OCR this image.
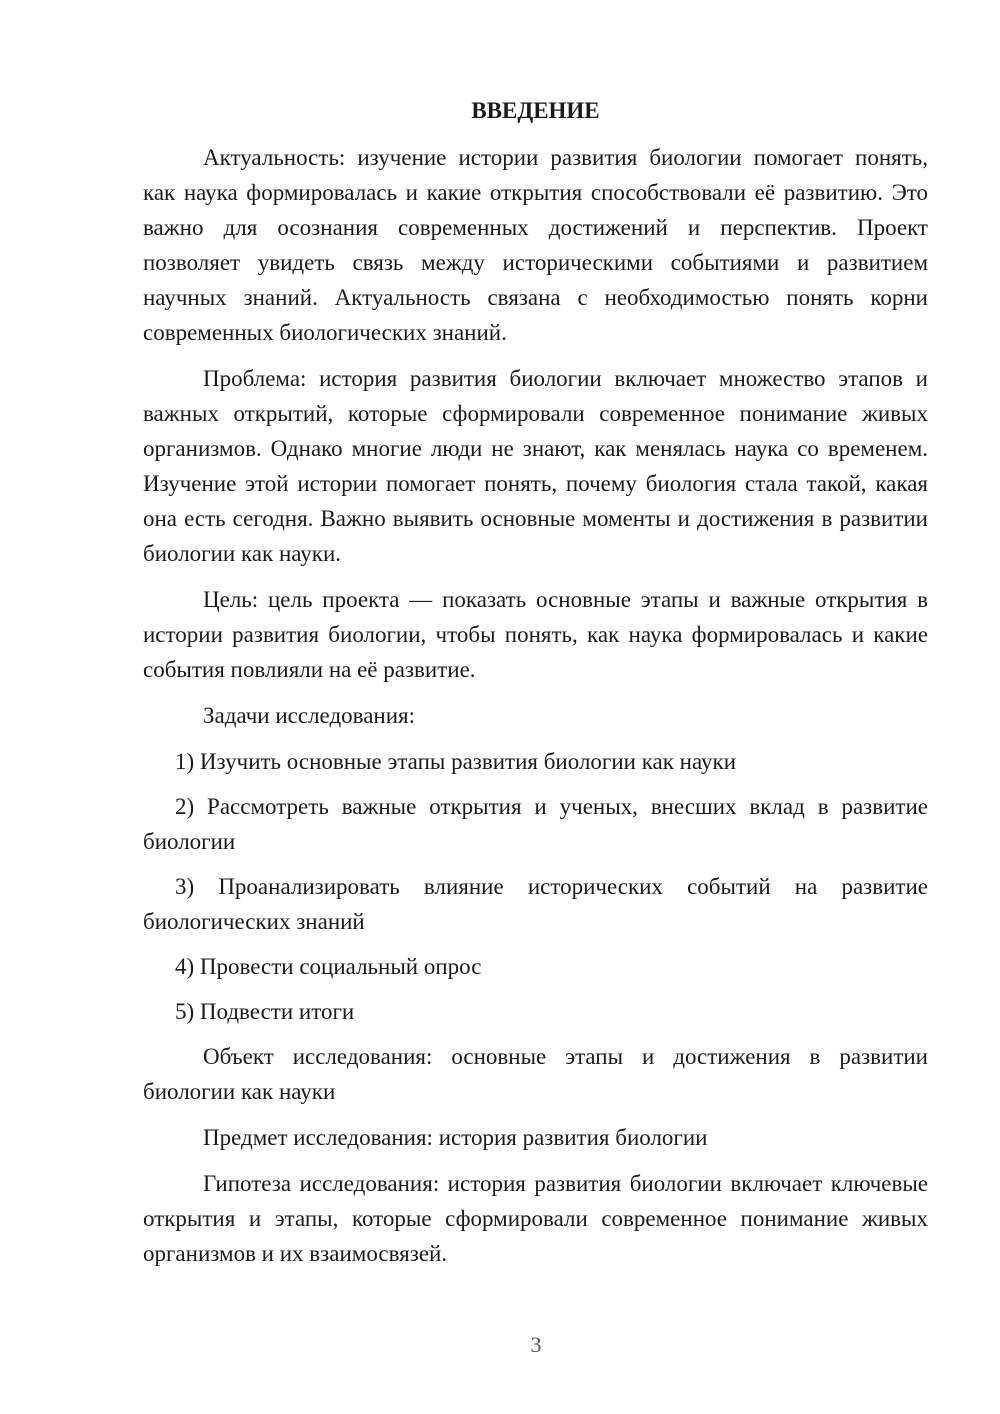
ВВЕДЕНИЕ

Актуальность: изучение истории развития биологии помогает понять, как наука формировалась и какие открытия способствовали её развитию. Это важно для осознания современных достижений и перспектив. Проект позволяет увидеть связь между историческими событиями и развитием научных знаний. Актуальность связана с необходимостью понять корни современных биологических знаний.

Проблема: история развития биологии включает множество этапов и важных открытий, которые сформировали современное понимание живых организмов. Однако многие люди не знают, как менялась наука со временем. Изучение этой истории помогает понять, почему биология стала такой, какая она есть сегодня. Важно выявить основные моменты и достижения в развитии биологии как науки.

Цель: цель проекта — показать основные этапы и важные открытия в истории развития биологии, чтобы понять, как наука формировалась и какие события повлияли на её развитие.

Задачи исследования:

1) Изучить основные этапы развития биологии как науки

2) Рассмотреть важные открытия и ученых, внесших вклад в развитие биологии

3) Проанализировать влияние исторических событий на развитие биологических знаний

4) Провести социальный опрос

5) Подвести итоги

Объект исследования: основные этапы и достижения в развитии биологии как науки

Предмет исследования: история развития биологии

Гипотеза исследования: история развития биологии включает ключевые открытия и этапы, которые сформировали современное понимание живых организмов и их взаимосвязей.

3
